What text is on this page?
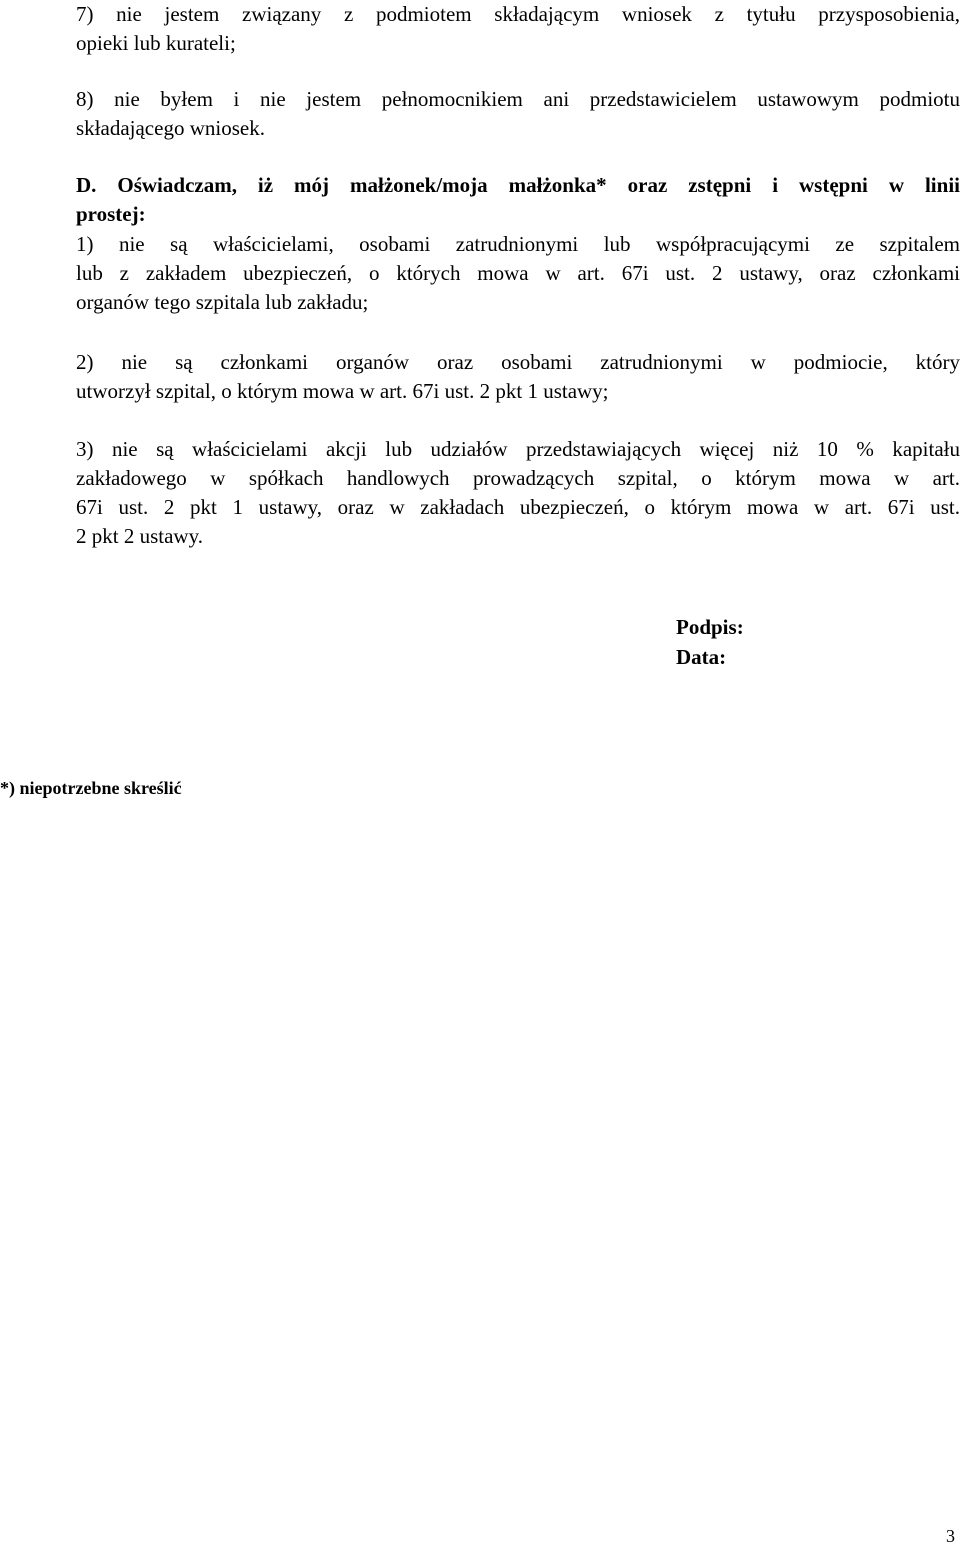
7) nie jestem związany z podmiotem składającym wniosek z tytułu przysposobienia,
opieki lub kurateli;
8) nie byłem i nie jestem pełnomocnikiem ani przedstawicielem ustawowym podmiotu
składającego wniosek.
D. Oświadczam, iż mój małżonek/moja małżonka* oraz zstępni i wstępni w linii
prostej:
1) nie są właścicielami, osobami zatrudnionymi lub współpracującymi ze szpitalem
lub z zakładem ubezpieczeń, o których mowa w art. 67i ust. 2 ustawy, oraz członkami
organów tego szpitala lub zakładu;
2) nie są członkami organów oraz osobami zatrudnionymi w podmiocie, który
utworzył szpital, o którym mowa w art. 67i ust. 2 pkt 1 ustawy;
3) nie są właścicielami akcji lub udziałów przedstawiających więcej niż 10 % kapitału
zakładowego w spółkach handlowych prowadzących szpital, o którym mowa w art.
67i ust. 2 pkt 1 ustawy, oraz w zakładach ubezpieczeń, o którym mowa w art. 67i ust.
2 pkt 2 ustawy.
Podpis:
Data:
*) niepotrzebne skreślić
3
